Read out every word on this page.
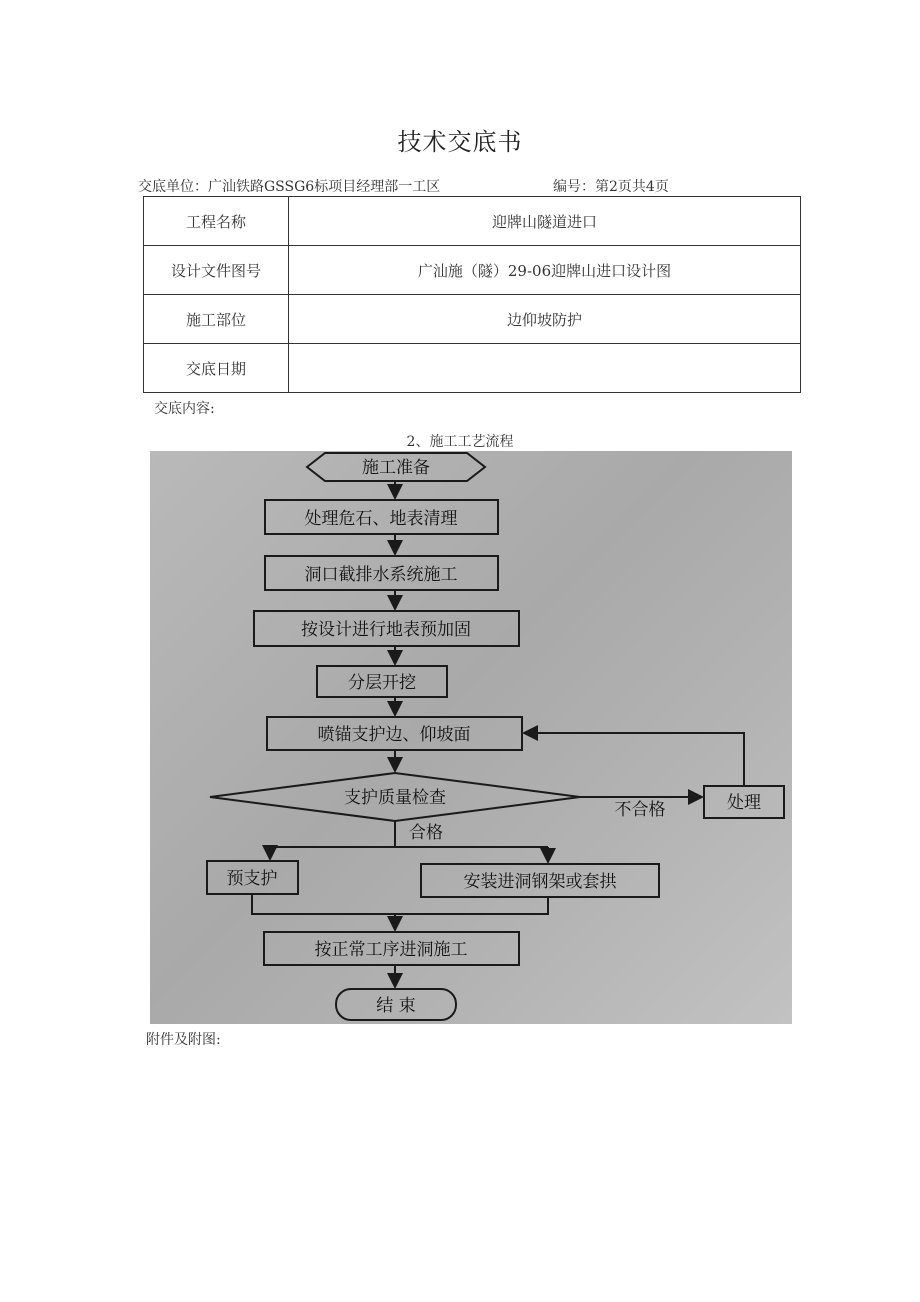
技术交底书
交底单位：广汕铁路GSSG6标项目经理部一工区	编号：第2页共4页
工程名称	迎牌山隧道进口
设计文件图号	广汕施（隧）29-06迎牌山进口设计图
施工部位	边仰坡防护
交底日期	
交底内容:
2、施工工艺流程
施工准备
处理危石、地表清理
洞口截排水系统施工
按设计进行地表预加固
分层开挖
喷锚支护边、仰坡面
支护质量检查
不合格	处理
合格
预支护	安装进洞钢架或套拱
按正常工序进洞施工
结 束
附件及附图:
